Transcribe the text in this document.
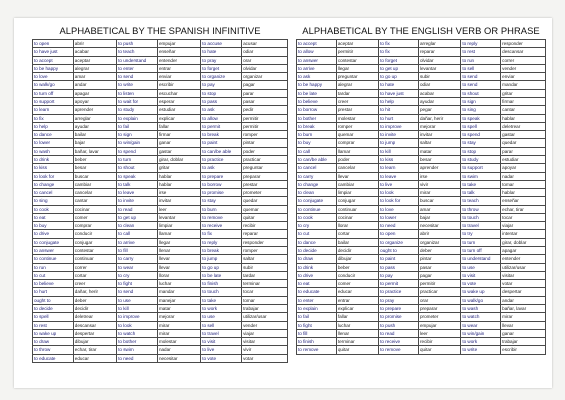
ALPHABETICAL BY THE SPANISH INFINITIVE
to open	abrir	to push	empujar	to accuse	acusar
to have just	acabar	to teach	enseñar	to hate	odiar
to accept	aceptar	to understand	entender	to pray	orar
to be happy	alegrar	to enter	entrar	to forget	olvidar
to love	amar	to send	enviar	to organize	organizar
to walk/go	andar	to write	escribir	to pay	pagar
to turn off	apagar	to listen	escuchar	to stop	parar
to support	apoyar	to wait for	esperar	to pass	pasar
to learn	aprender	to study	estudiar	to ask	pedir
to fix	arreglar	to explain	explicar	to allow	permitir
to help	ayudar	to fail	fallar	to permit	permitir
to dance	bailar	to sign	firmar	to break	romper
to lower	bajar	to win/gain	ganar	to paint	pintar
to wash	bañar, lavar	to spend	gastar	to can/be able	poder
to drink	beber	to turn	girar, doblar	to practice	practicar
to kiss	besar	to shout	gritar	to ask	preguntar
to look for	buscar	to speak	hablar	to prepare	preparar
to change	cambiar	to talk	hablar	to borrow	prestar
to cancel	cancelar	to leave	irse	to promise	prometer
to sing	cantar	to invite	invitar	to stay	quedar
to cook	cocinar	to read	leer	to burn	quemar
to eat	comer	to get up	levantar	to remove	quitar
to buy	comprar	to clean	limpiar	to receive	recibir
to drive	conducir	to call	llamar	to fix	reparar
to conjugate	conjugar	to arrive	llegar	to reply	responder
to answer	contestar	to fill	llenar	to break	romper
to continue	continuar	to carry	llevar	to jump	saltar
to run	correr	to wear	llevar	to go up	subir
to cut	cortar	to cry	llorar	to be late	tardar
to believe	creer	to fight	luchar	to finish	terminar
to hurt	dañar, herir	to send	mandar	to touch	tocar
ought to	deber	to use	manejar	to take	tomar
to decide	decidir	to kill	matar	to work	trabajar
to spell	deletrear	to improve	mejorar	to use	utilizar/usar
to rest	descansar	to look	mirar	to sell	vender
to wake up	despertar	to watch	mirar	to travel	viajar
to draw	dibujar	to bother	molestar	to visit	visitar
to throw	echar, tirar	to swim	nadar	to live	vivir
to educate	educar	to need	necesitar	to vote	votar
ALPHABETICAL BY THE ENGLISH VERB OR PHRASE
to accept	aceptar	to fix	arreglar	to reply	responder
to allow	permitir	to fix	reparar	to rest	descansar
to answer	contestar	to forget	olvidar	to run	correr
to arrive	llegar	to get up	levantar	to sell	vender
to ask	preguntar	to go up	subir	to send	enviar
to be happy	alegrar	to hate	odiar	to send	mandar
to be late	tardar	to have just	acabar	to shout	gritar
to believe	creer	to help	ayudar	to sign	firmar
to borrow	prestar	to hit	pegar	to sing	cantar
to bother	molestar	to hurt	dañar, herir	to speak	hablar
to break	romper	to improve	mejorar	to spell	deletrear
to burn	quemar	to invite	invitar	to spend	gastar
to buy	comprar	to jump	saltar	to stay	quedar
to call	llamar	to kill	matar	to stop	parar
to can/be able	poder	to kiss	besar	to study	estudiar
to cancel	cancelar	to learn	aprender	to support	apoyar
to carry	llevar	to leave	irse	to swim	nadar
to change	cambiar	to live	vivir	to take	tomar
to clean	limpiar	to look	mirar	to talk	hablar
to conjugate	conjugar	to look for	buscar	to teach	enseñar
to continue	continuar	to love	amar	to throw	echar, tirar
to cook	cocinar	to lower	bajar	to touch	tocar
to cry	llorar	to need	necesitar	to travel	viajar
to cut	cortar	to open	abrir	to try	intentar
to dance	bailar	to organize	organizar	to turn	girar, doblar
to decide	decidir	ought to	deber	to turn off	apagar
to draw	dibujar	to paint	pintar	to understand	entender
to drink	beber	to pass	pasar	to use	utilizar/usar
to drive	conducir	to pay	pagar	to visit	visitar
to eat	comer	to permit	permitir	to vote	votar
to educate	educar	to practice	practicar	to wake up	despertar
to enter	entrar	to pray	orar	to walk/go	andar
to explain	explicar	to prepare	preparar	to wash	bañar, lavar
to fail	fallar	to promise	prometer	to watch	mirar
to fight	luchar	to push	empujar	to wear	llevar
to fill	llenar	to read	leer	to win/gain	ganar
to finish	terminar	to receive	recibir	to work	trabajar
to remove	quitar	to remove	quitar	to write	escribir
